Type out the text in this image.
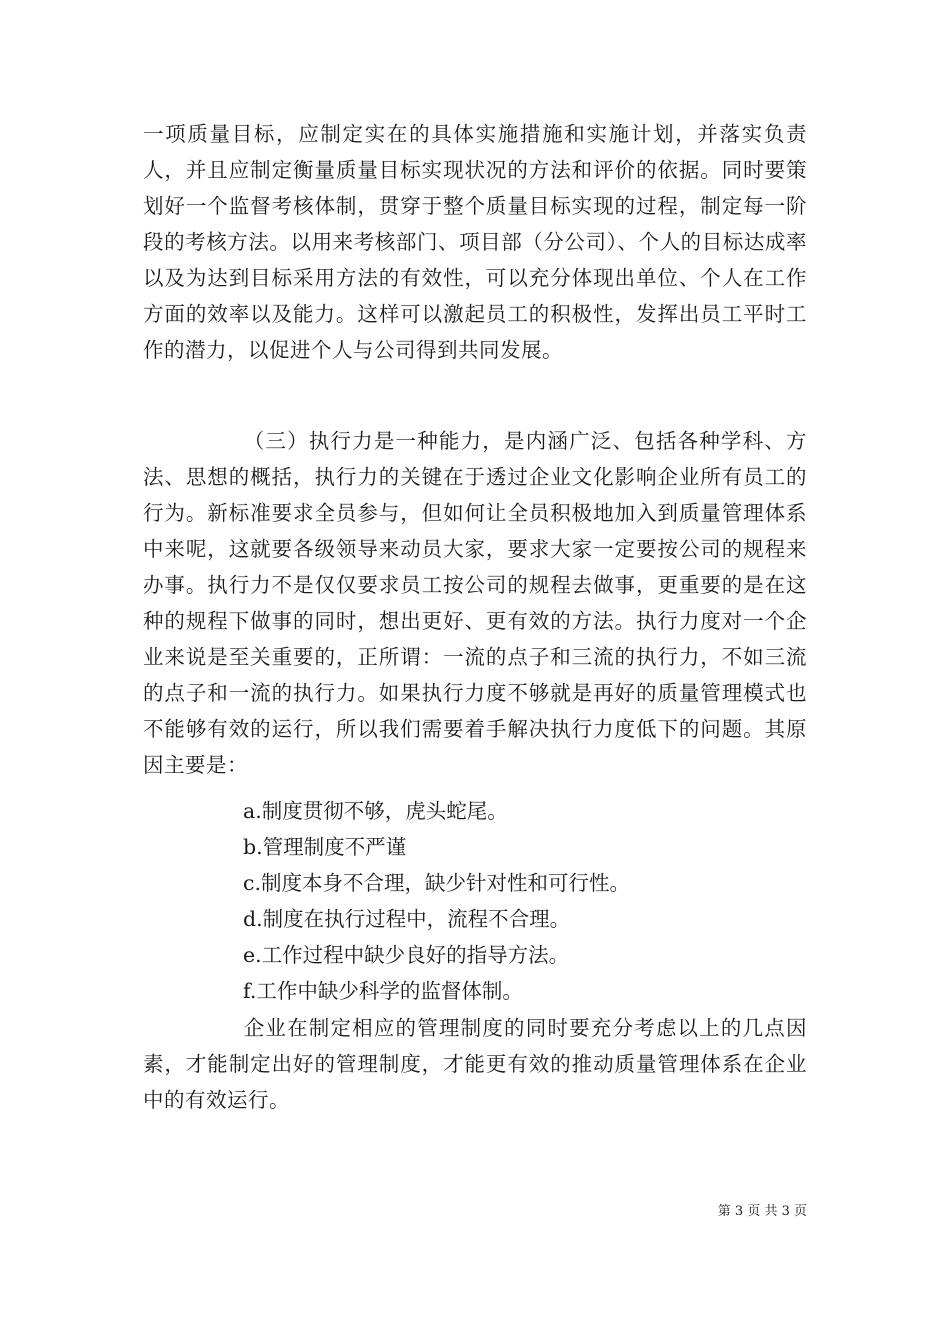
一项质量目标，应制定实在的具体实施措施和实施计划，并落实负责人，并且应制定衡量质量目标实现状况的方法和评价的依据。同时要策划好一个监督考核体制，贯穿于整个质量目标实现的过程，制定每一阶段的考核方法。以用来考核部门、项目部（分公司）、个人的目标达成率以及为达到目标采用方法的有效性，可以充分体现出单位、个人在工作方面的效率以及能力。这样可以激起员工的积极性，发挥出员工平时工作的潜力，以促进个人与公司得到共同发展。

（三）执行力是一种能力，是内涵广泛、包括各种学科、方法、思想的概括，执行力的关键在于透过企业文化影响企业所有员工的行为。新标准要求全员参与，但如何让全员积极地加入到质量管理体系中来呢，这就要各级领导来动员大家，要求大家一定要按公司的规程来办事。执行力不是仅仅要求员工按公司的规程去做事，更重要的是在这种的规程下做事的同时，想出更好、更有效的方法。执行力度对一个企业来说是至关重要的，正所谓：一流的点子和三流的执行力，不如三流的点子和一流的执行力。如果执行力度不够就是再好的质量管理模式也不能够有效的运行，所以我们需要着手解决执行力度低下的问题。其原因主要是：

a.制度贯彻不够，虎头蛇尾。
b.管理制度不严谨
c.制度本身不合理，缺少针对性和可行性。
d.制度在执行过程中，流程不合理。
e.工作过程中缺少良好的指导方法。
f.工作中缺少科学的监督体制。

企业在制定相应的管理制度的同时要充分考虑以上的几点因素，才能制定出好的管理制度，才能更有效的推动质量管理体系在企业中的有效运行。

第 3 页 共 3 页
